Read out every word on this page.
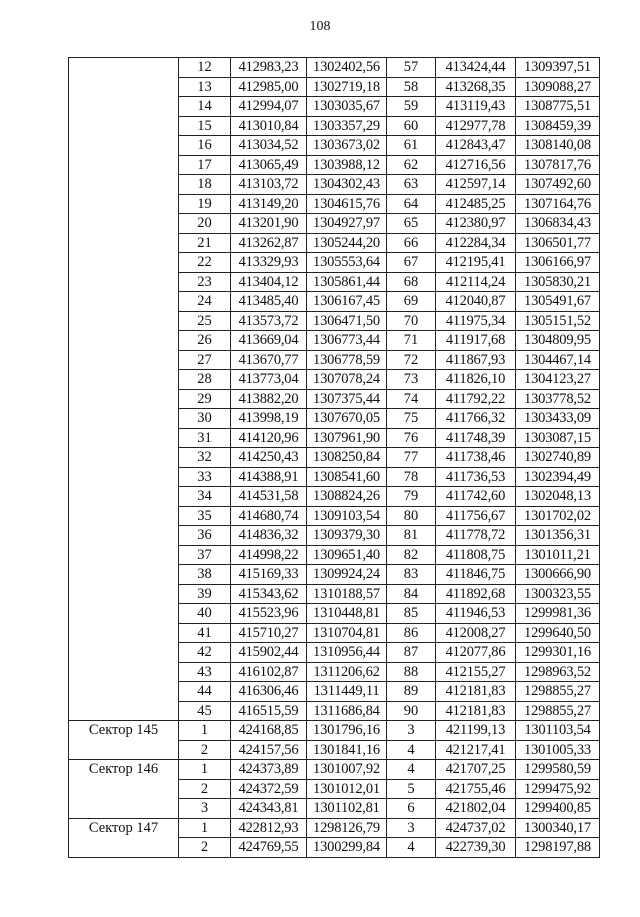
108
	12	412983,23	1302402,56	57	413424,44	1309397,51
	13	412985,00	1302719,18	58	413268,35	1309088,27
	14	412994,07	1303035,67	59	413119,43	1308775,51
	15	413010,84	1303357,29	60	412977,78	1308459,39
	16	413034,52	1303673,02	61	412843,47	1308140,08
	17	413065,49	1303988,12	62	412716,56	1307817,76
	18	413103,72	1304302,43	63	412597,14	1307492,60
	19	413149,20	1304615,76	64	412485,25	1307164,76
	20	413201,90	1304927,97	65	412380,97	1306834,43
	21	413262,87	1305244,20	66	412284,34	1306501,77
	22	413329,93	1305553,64	67	412195,41	1306166,97
	23	413404,12	1305861,44	68	412114,24	1305830,21
	24	413485,40	1306167,45	69	412040,87	1305491,67
	25	413573,72	1306471,50	70	411975,34	1305151,52
	26	413669,04	1306773,44	71	411917,68	1304809,95
	27	413670,77	1306778,59	72	411867,93	1304467,14
	28	413773,04	1307078,24	73	411826,10	1304123,27
	29	413882,20	1307375,44	74	411792,22	1303778,52
	30	413998,19	1307670,05	75	411766,32	1303433,09
	31	414120,96	1307961,90	76	411748,39	1303087,15
	32	414250,43	1308250,84	77	411738,46	1302740,89
	33	414388,91	1308541,60	78	411736,53	1302394,49
	34	414531,58	1308824,26	79	411742,60	1302048,13
	35	414680,74	1309103,54	80	411756,67	1301702,02
	36	414836,32	1309379,30	81	411778,72	1301356,31
	37	414998,22	1309651,40	82	411808,75	1301011,21
	38	415169,33	1309924,24	83	411846,75	1300666,90
	39	415343,62	1310188,57	84	411892,68	1300323,55
	40	415523,96	1310448,81	85	411946,53	1299981,36
	41	415710,27	1310704,81	86	412008,27	1299640,50
	42	415902,44	1310956,44	87	412077,86	1299301,16
	43	416102,87	1311206,62	88	412155,27	1298963,52
	44	416306,46	1311449,11	89	412181,83	1298855,27
	45	416515,59	1311686,84	90	412181,83	1298855,27
Сектор 145	1	424168,85	1301796,16	3	421199,13	1301103,54
	2	424157,56	1301841,16	4	421217,41	1301005,33
Сектор 146	1	424373,89	1301007,92	4	421707,25	1299580,59
	2	424372,59	1301012,01	5	421755,46	1299475,92
	3	424343,81	1301102,81	6	421802,04	1299400,85
Сектор 147	1	422812,93	1298126,79	3	424737,02	1300340,17
	2	424769,55	1300299,84	4	422739,30	1298197,88
